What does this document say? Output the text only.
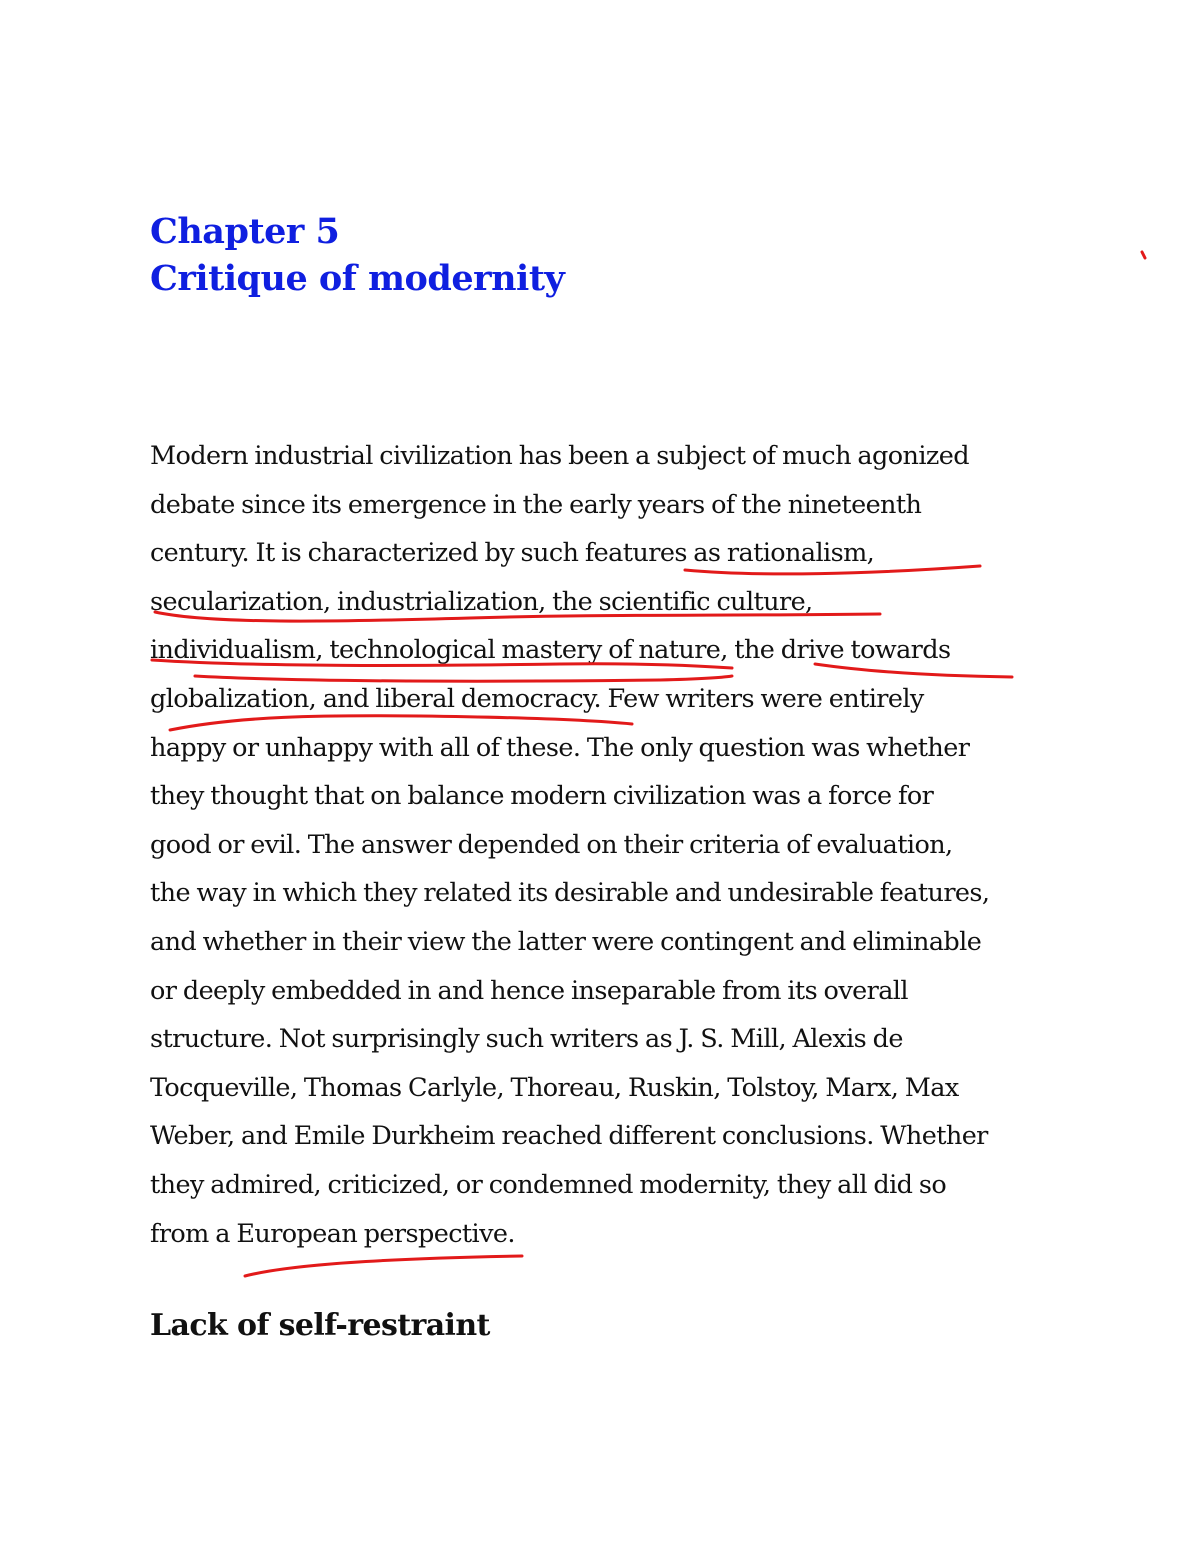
Chapter 5
Critique of modernity
Modern industrial civilization has been a subject of much agonized
debate since its emergence in the early years of the nineteenth
century. It is characterized by such features as rationalism,
secularization, industrialization, the scientific culture,
individualism, technological mastery of nature, the drive towards
globalization, and liberal democracy. Few writers were entirely
happy or unhappy with all of these. The only question was whether
they thought that on balance modern civilization was a force for
good or evil. The answer depended on their criteria of evaluation,
the way in which they related its desirable and undesirable features,
and whether in their view the latter were contingent and eliminable
or deeply embedded in and hence inseparable from its overall
structure. Not surprisingly such writers as J. S. Mill, Alexis de
Tocqueville, Thomas Carlyle, Thoreau, Ruskin, Tolstoy, Marx, Max
Weber, and Emile Durkheim reached different conclusions. Whether
they admired, criticized, or condemned modernity, they all did so
from a European perspective.
Lack of self-restraint
